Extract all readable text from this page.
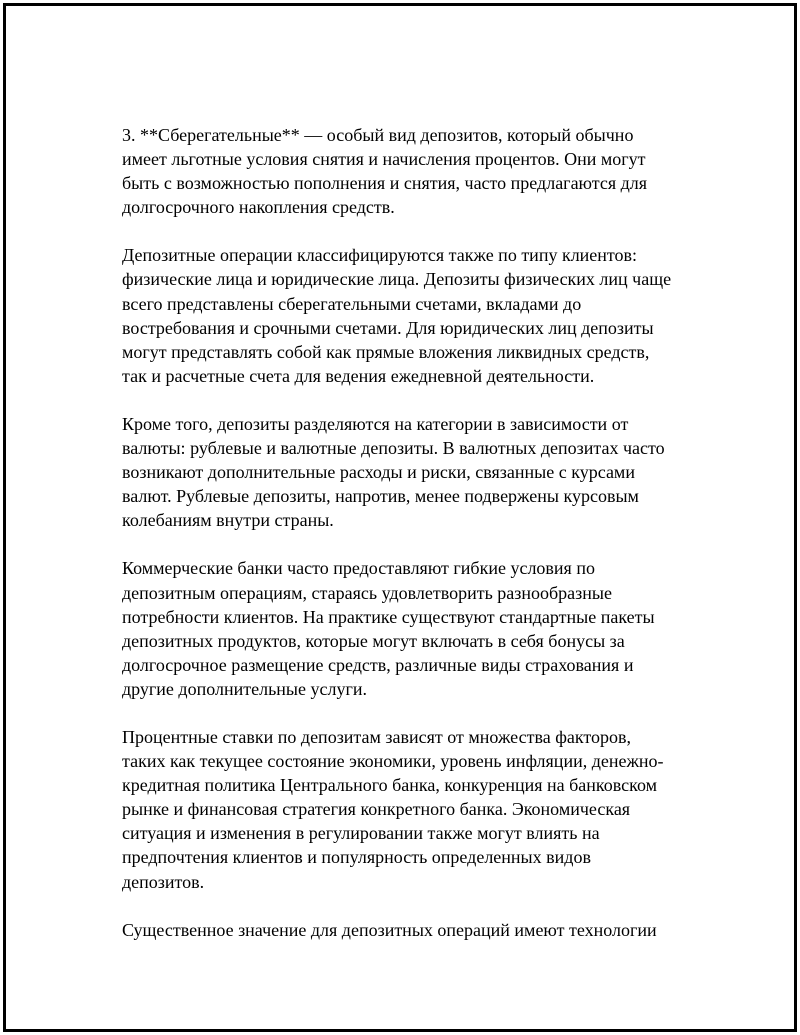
3. **Сберегательные** — особый вид депозитов, который обычно
имеет льготные условия снятия и начисления процентов. Они могут
быть с возможностью пополнения и снятия, часто предлагаются для
долгосрочного накопления средств.

Депозитные операции классифицируются также по типу клиентов:
физические лица и юридические лица. Депозиты физических лиц чаще
всего представлены сберегательными счетами, вкладами до
востребования и срочными счетами. Для юридических лиц депозиты
могут представлять собой как прямые вложения ликвидных средств,
так и расчетные счета для ведения ежедневной деятельности.

Кроме того, депозиты разделяются на категории в зависимости от
валюты: рублевые и валютные депозиты. В валютных депозитах часто
возникают дополнительные расходы и риски, связанные с курсами
валют. Рублевые депозиты, напротив, менее подвержены курсовым
колебаниям внутри страны.

Коммерческие банки часто предоставляют гибкие условия по
депозитным операциям, стараясь удовлетворить разнообразные
потребности клиентов. На практике существуют стандартные пакеты
депозитных продуктов, которые могут включать в себя бонусы за
долгосрочное размещение средств, различные виды страхования и
другие дополнительные услуги.

Процентные ставки по депозитам зависят от множества факторов,
таких как текущее состояние экономики, уровень инфляции, денежно-
кредитная политика Центрального банка, конкуренция на банковском
рынке и финансовая стратегия конкретного банка. Экономическая
ситуация и изменения в регулировании также могут влиять на
предпочтения клиентов и популярность определенных видов
депозитов.

Существенное значение для депозитных операций имеют технологии
